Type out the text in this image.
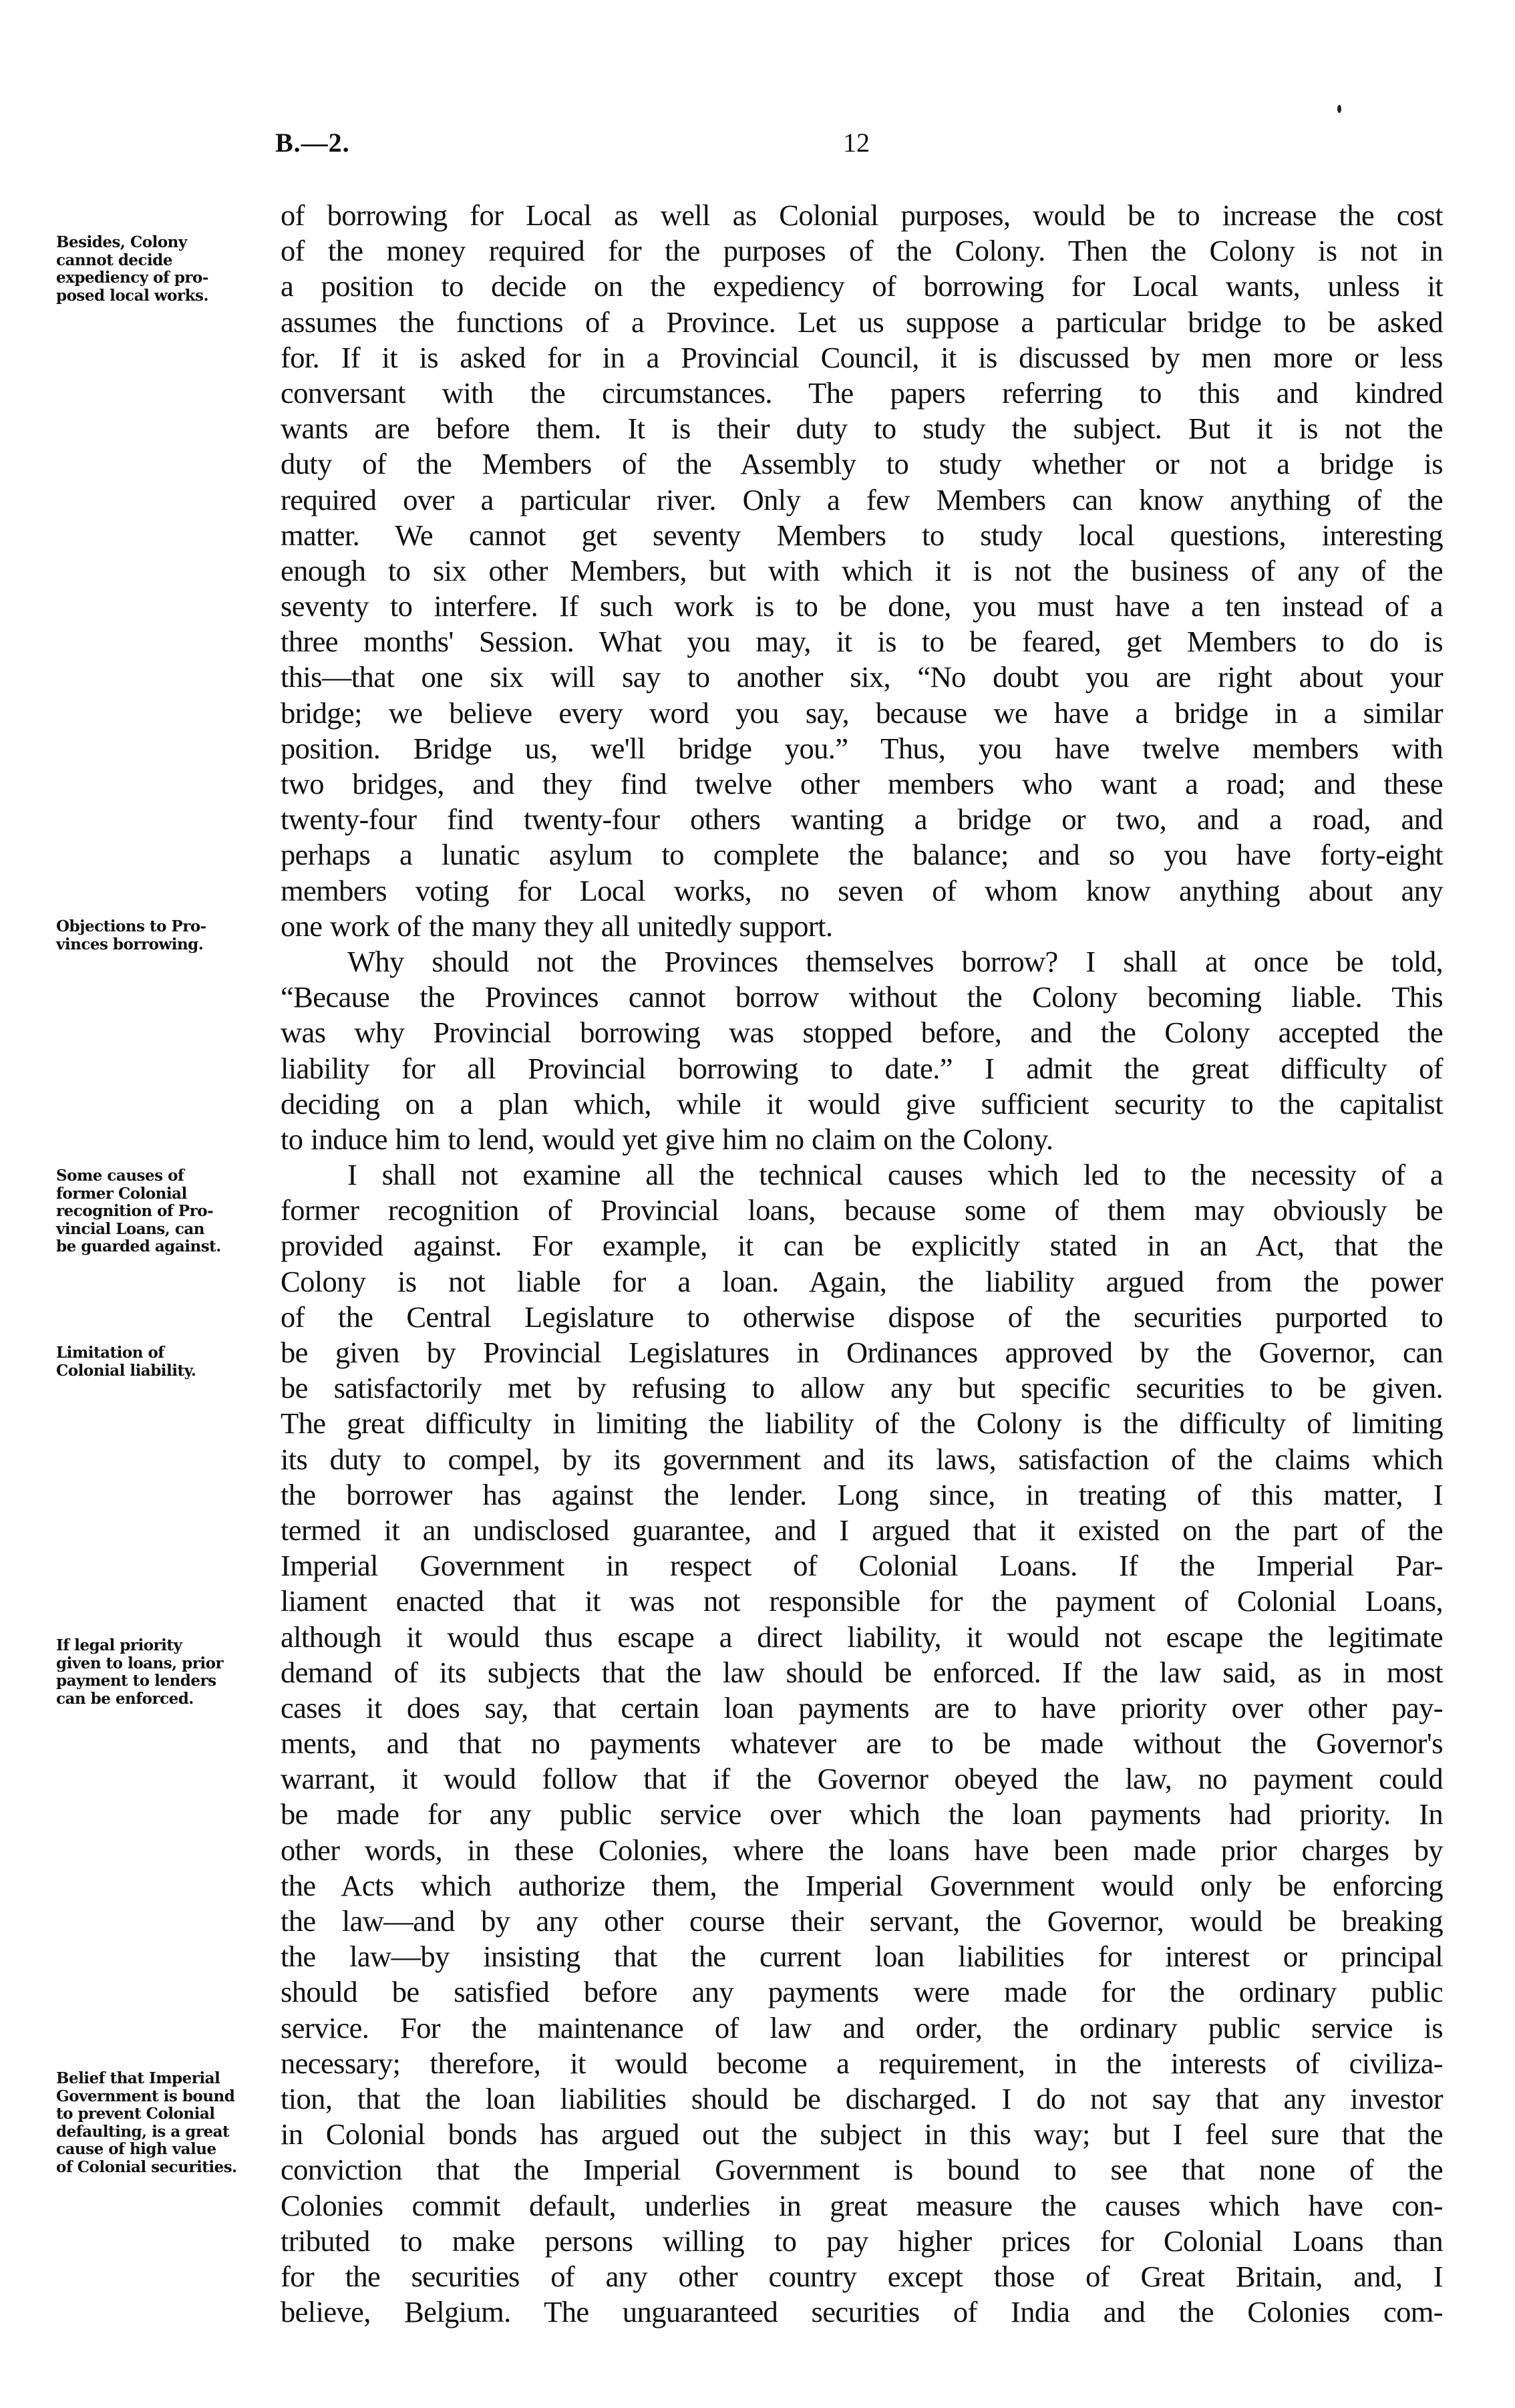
B.—2.	12
Besides, Colony
cannot decide
expediency of pro-
posed local works.
Objections to Pro-
vinces borrowing.
Some causes of
former Colonial
recognition of Pro-
vincial Loans, can
be guarded against.
Limitation of
Colonial liability.
If legal priority
given to loans, prior
payment to lenders
can be enforced.
Belief that Imperial
Government is bound
to prevent Colonial
defaulting, is a great
cause of high value
of Colonial securities.
of borrowing for Local as well as Colonial purposes, would be to increase the cost
of the money required for the purposes of the Colony. Then the Colony is not in
a position to decide on the expediency of borrowing for Local wants, unless it
assumes the functions of a Province. Let us suppose a particular bridge to be asked
for. If it is asked for in a Provincial Council, it is discussed by men more or less
conversant with the circumstances. The papers referring to this and kindred
wants are before them. It is their duty to study the subject. But it is not the
duty of the Members of the Assembly to study whether or not a bridge is
required over a particular river. Only a few Members can know anything of the
matter. We cannot get seventy Members to study local questions, interesting
enough to six other Members, but with which it is not the business of any of the
seventy to interfere. If such work is to be done, you must have a ten instead of a
three months' Session. What you may, it is to be feared, get Members to do is
this—that one six will say to another six, “No doubt you are right about your
bridge; we believe every word you say, because we have a bridge in a similar
position. Bridge us, we'll bridge you.” Thus, you have twelve members with
two bridges, and they find twelve other members who want a road; and these
twenty-four find twenty-four others wanting a bridge or two, and a road, and
perhaps a lunatic asylum to complete the balance; and so you have forty-eight
members voting for Local works, no seven of whom know anything about any
one work of the many they all unitedly support.
Why should not the Provinces themselves borrow? I shall at once be told,
“Because the Provinces cannot borrow without the Colony becoming liable. This
was why Provincial borrowing was stopped before, and the Colony accepted the
liability for all Provincial borrowing to date.” I admit the great difficulty of
deciding on a plan which, while it would give sufficient security to the capitalist
to induce him to lend, would yet give him no claim on the Colony.
I shall not examine all the technical causes which led to the necessity of a
former recognition of Provincial loans, because some of them may obviously be
provided against. For example, it can be explicitly stated in an Act, that the
Colony is not liable for a loan. Again, the liability argued from the power
of the Central Legislature to otherwise dispose of the securities purported to
be given by Provincial Legislatures in Ordinances approved by the Governor, can
be satisfactorily met by refusing to allow any but specific securities to be given.
The great difficulty in limiting the liability of the Colony is the difficulty of limiting
its duty to compel, by its government and its laws, satisfaction of the claims which
the borrower has against the lender. Long since, in treating of this matter, I
termed it an undisclosed guarantee, and I argued that it existed on the part of the
Imperial Government in respect of Colonial Loans. If the Imperial Par-
liament enacted that it was not responsible for the payment of Colonial Loans,
although it would thus escape a direct liability, it would not escape the legitimate
demand of its subjects that the law should be enforced. If the law said, as in most
cases it does say, that certain loan payments are to have priority over other pay-
ments, and that no payments whatever are to be made without the Governor's
warrant, it would follow that if the Governor obeyed the law, no payment could
be made for any public service over which the loan payments had priority. In
other words, in these Colonies, where the loans have been made prior charges by
the Acts which authorize them, the Imperial Government would only be enforcing
the law—and by any other course their servant, the Governor, would be breaking
the law—by insisting that the current loan liabilities for interest or principal
should be satisfied before any payments were made for the ordinary public
service. For the maintenance of law and order, the ordinary public service is
necessary; therefore, it would become a requirement, in the interests of civiliza-
tion, that the loan liabilities should be discharged. I do not say that any investor
in Colonial bonds has argued out the subject in this way; but I feel sure that the
conviction that the Imperial Government is bound to see that none of the
Colonies commit default, underlies in great measure the causes which have con-
tributed to make persons willing to pay higher prices for Colonial Loans than
for the securities of any other country except those of Great Britain, and, I
believe, Belgium. The unguaranteed securities of India and the Colonies com-
